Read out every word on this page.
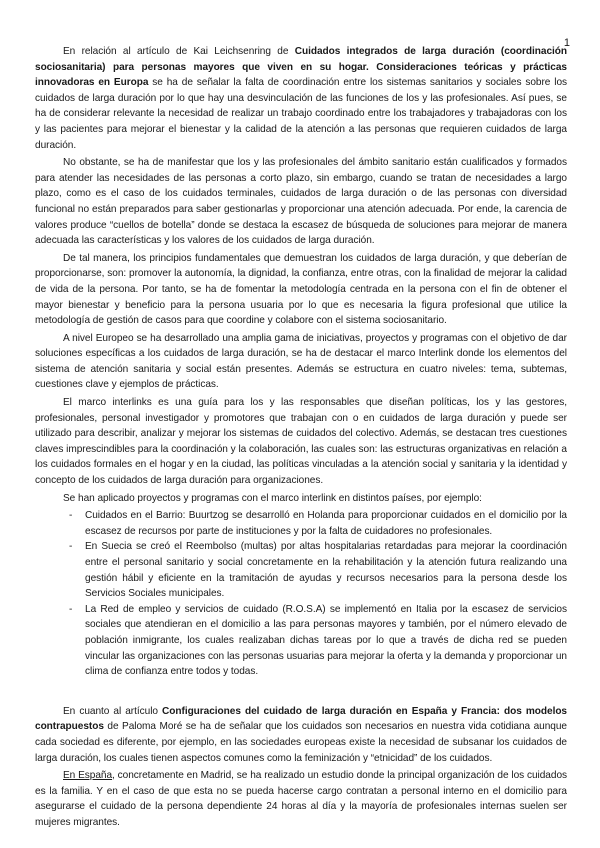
1

En relación al artículo de Kai Leichsenring de Cuidados integrados de larga duración (coordinación sociosanitaria) para personas mayores que viven en su hogar. Consideraciones teóricas y prácticas innovadoras en Europa se ha de señalar la falta de coordinación entre los sistemas sanitarios y sociales sobre los cuidados de larga duración por lo que hay una desvinculación de las funciones de los y las profesionales. Así pues, se ha de considerar relevante la necesidad de realizar un trabajo coordinado entre los trabajadores y trabajadoras con los y las pacientes para mejorar el bienestar y la calidad de la atención a las personas que requieren cuidados de larga duración.

No obstante, se ha de manifestar que los y las profesionales del ámbito sanitario están cualificados y formados para atender las necesidades de las personas a corto plazo, sin embargo, cuando se tratan de necesidades a largo plazo, como es el caso de los cuidados terminales, cuidados de larga duración o de las personas con diversidad funcional no están preparados para saber gestionarlas y proporcionar una atención adecuada. Por ende, la carencia de valores produce “cuellos de botella” donde se destaca la escasez de búsqueda de soluciones para mejorar de manera adecuada las características y los valores de los cuidados de larga duración.

De tal manera, los principios fundamentales que demuestran los cuidados de larga duración, y que deberían de proporcionarse, son: promover la autonomía, la dignidad, la confianza, entre otras, con la finalidad de mejorar la calidad de vida de la persona. Por tanto, se ha de fomentar la metodología centrada en la persona con el fin de obtener el mayor bienestar y beneficio para la persona usuaria por lo que es necesaria la figura profesional que utilice la metodología de gestión de casos para que coordine y colabore con el sistema sociosanitario.

A nivel Europeo se ha desarrollado una amplia gama de iniciativas, proyectos y programas con el objetivo de dar soluciones específicas a los cuidados de larga duración, se ha de destacar el marco Interlink donde los elementos del sistema de atención sanitaria y social están presentes. Además se estructura en cuatro niveles: tema, subtemas, cuestiones clave y ejemplos de prácticas.

El marco interlinks es una guía para los y las responsables que diseñan políticas, los y las gestores, profesionales, personal investigador y promotores que trabajan con o en cuidados de larga duración y puede ser utilizado para describir, analizar y mejorar los sistemas de cuidados del colectivo. Además, se destacan tres cuestiones claves imprescindibles para la coordinación y la colaboración, las cuales son: las estructuras organizativas en relación a los cuidados formales en el hogar y en la ciudad, las políticas vinculadas a la atención social y sanitaria y la identidad y concepto de los cuidados de larga duración para organizaciones.

Se han aplicado proyectos y programas con el marco interlink en distintos países, por ejemplo:

- Cuidados en el Barrio: Buurtzog se desarrolló en Holanda para proporcionar cuidados en el domicilio por la escasez de recursos por parte de instituciones y por la falta de cuidadores no profesionales.
- En Suecia se creó el Reembolso (multas) por altas hospitalarias retardadas para mejorar la coordinación entre el personal sanitario y social concretamente en la rehabilitación y la atención futura realizando una gestión hábil y eficiente en la tramitación de ayudas y recursos necesarios para la persona desde los Servicios Sociales municipales.
- La Red de empleo y servicios de cuidado (R.O.S.A) se implementó en Italia por la escasez de servicios sociales que atendieran en el domicilio a las para personas mayores y también, por el número elevado de población inmigrante, los cuales realizaban dichas tareas por lo que a través de dicha red se pueden vincular las organizaciones con las personas usuarias para mejorar la oferta y la demanda y proporcionar un clima de confianza entre todos y todas.

En cuanto al artículo Configuraciones del cuidado de larga duración en España y Francia: dos modelos contrapuestos de Paloma Moré se ha de señalar que los cuidados son necesarios en nuestra vida cotidiana aunque cada sociedad es diferente, por ejemplo, en las sociedades europeas existe la necesidad de subsanar los cuidados de larga duración, los cuales tienen aspectos comunes como la feminización y “etnicidad” de los cuidados.

En España, concretamente en Madrid, se ha realizado un estudio donde la principal organización de los cuidados es la familia. Y en el caso de que esta no se pueda hacerse cargo contratan a personal interno en el domicilio para asegurarse el cuidado de la persona dependiente 24 horas al día y la mayoría de profesionales internas suelen ser mujeres migrantes.
